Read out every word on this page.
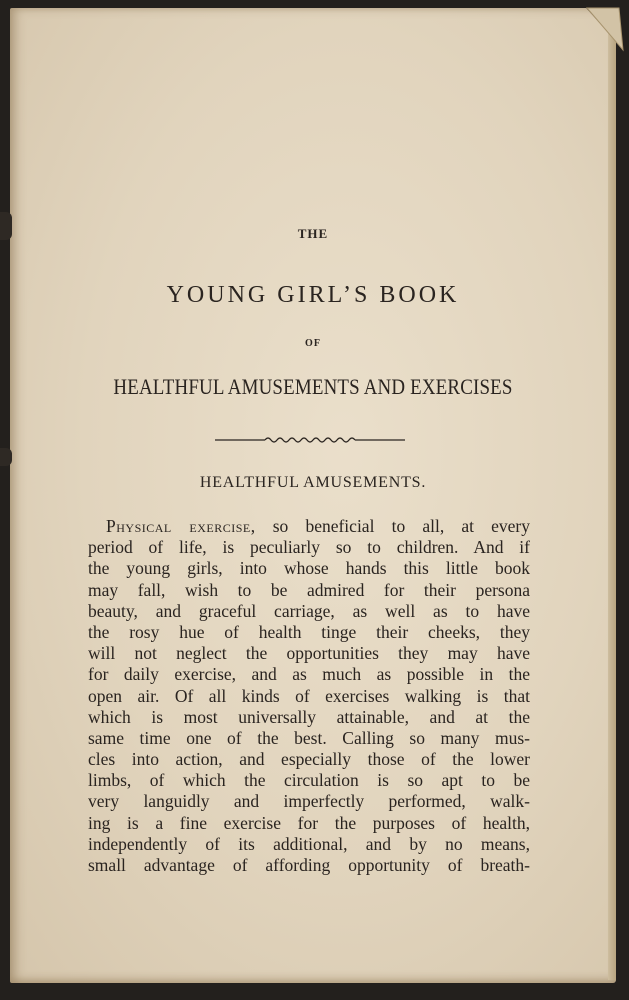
THE
YOUNG GIRL’S BOOK
OF
HEALTHFUL AMUSEMENTS AND EXERCISES
HEALTHFUL AMUSEMENTS.
Physical exercise, so beneficial to all, at every
period of life, is peculiarly so to children. And if
the young girls, into whose hands this little book
may fall, wish to be admired for their persona
beauty, and graceful carriage, as well as to have
the rosy hue of health tinge their cheeks, they
will not neglect the opportunities they may have
for daily exercise, and as much as possible in the
open air. Of all kinds of exercises walking is that
which is most universally attainable, and at the
same time one of the best. Calling so many mus-
cles into action, and especially those of the lower
limbs, of which the circulation is so apt to be
very languidly and imperfectly performed, walk-
ing is a fine exercise for the purposes of health,
independently of its additional, and by no means,
small advantage of affording opportunity of breath-
